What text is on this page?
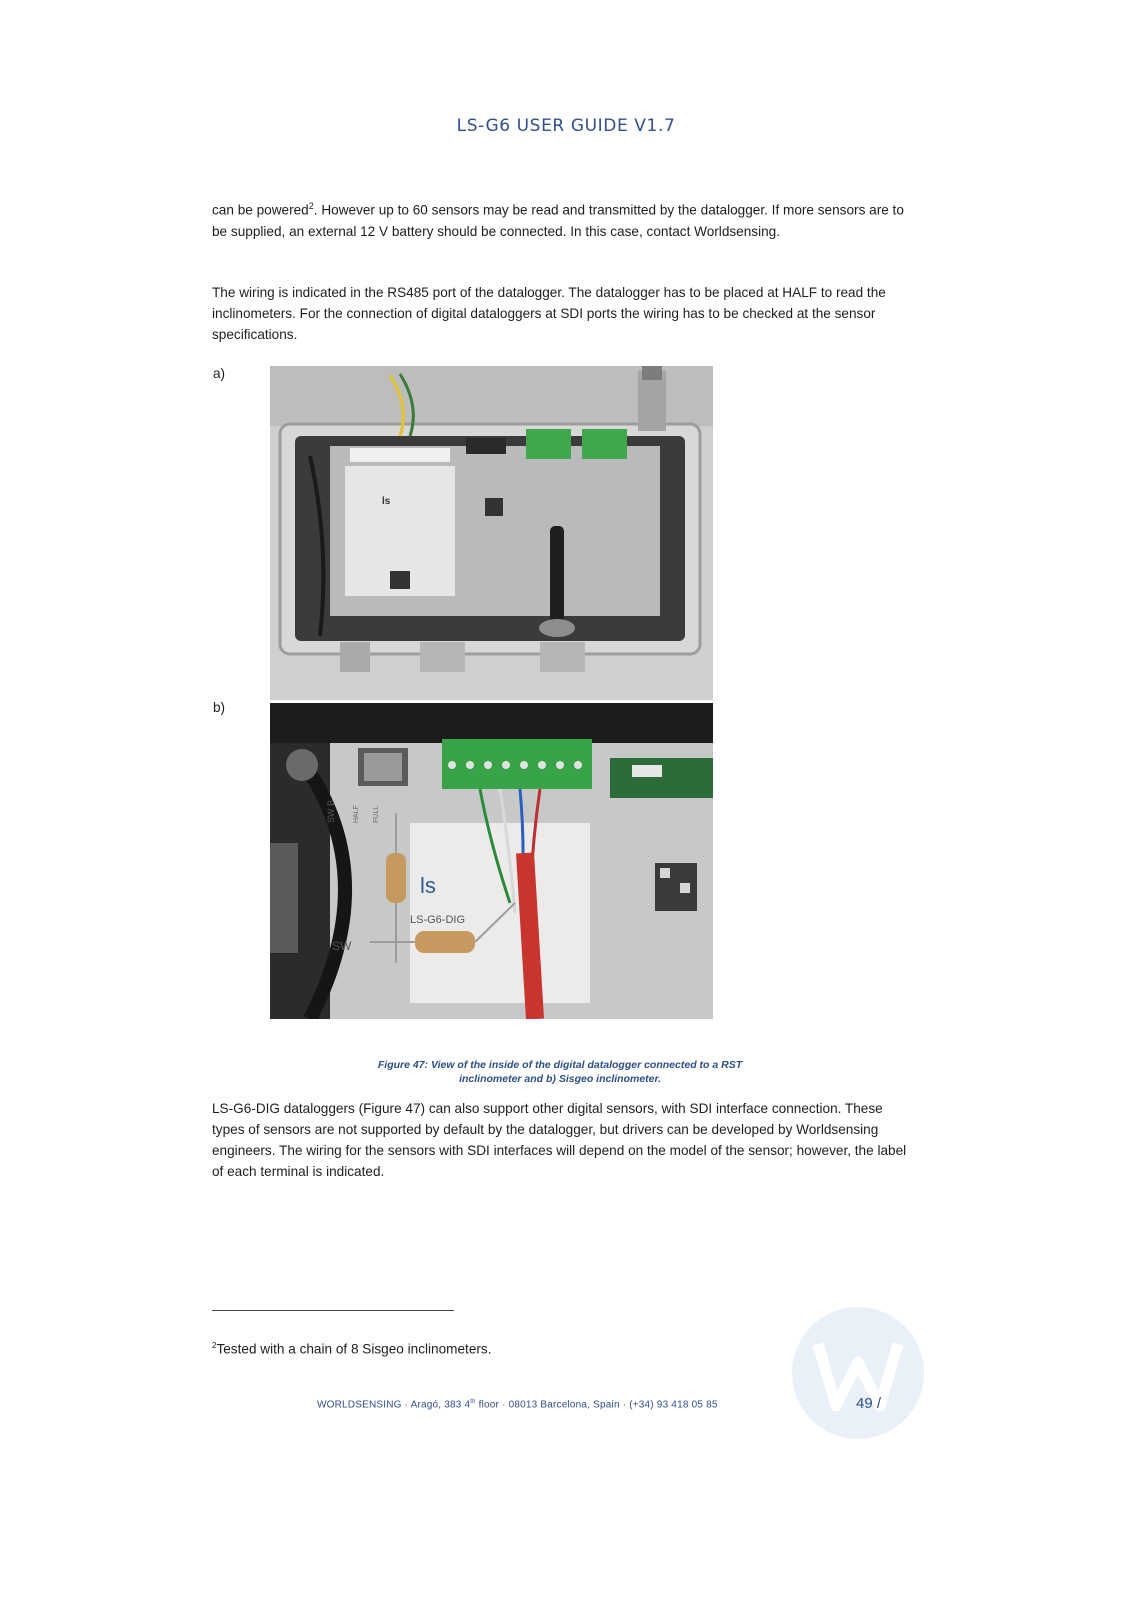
LS-G6 USER GUIDE V1.7

can be powered$^2$. However up to 60 sensors may be read and transmitted by the datalogger. If more sensors are to be supplied, an external 12 V battery should be connected. In this case, contact Worldsensing.

The wiring is indicated in the RS485 port of the datalogger. The datalogger has to be placed at HALF to read the inclinometers. For the connection of digital dataloggers at SDI ports the wiring has to be checked at the sensor specifications.

a)
ls
b)
ls
LS-G6-DIG
SW
SW B HALF FULL
Figure 47: View of the inside of the digital datalogger connected to a RST
inclinometer and b) Sisgeo inclinometer.

LS-G6-DIG dataloggers (Figure 47) can also support other digital sensors, with SDI interface connection. These types of sensors are not supported by default by the datalogger, but drivers can be developed by Worldsensing engineers. The wiring for the sensors with SDI interfaces will depend on the model of the sensor; however, the label of each terminal is indicated.

$^2$Tested with a chain of 8 Sisgeo inclinometers.
WORLDSENSING · Aragó, 383 4th floor · 08013 Barcelona, Spain · (+34) 93 418 05 85	49 /
